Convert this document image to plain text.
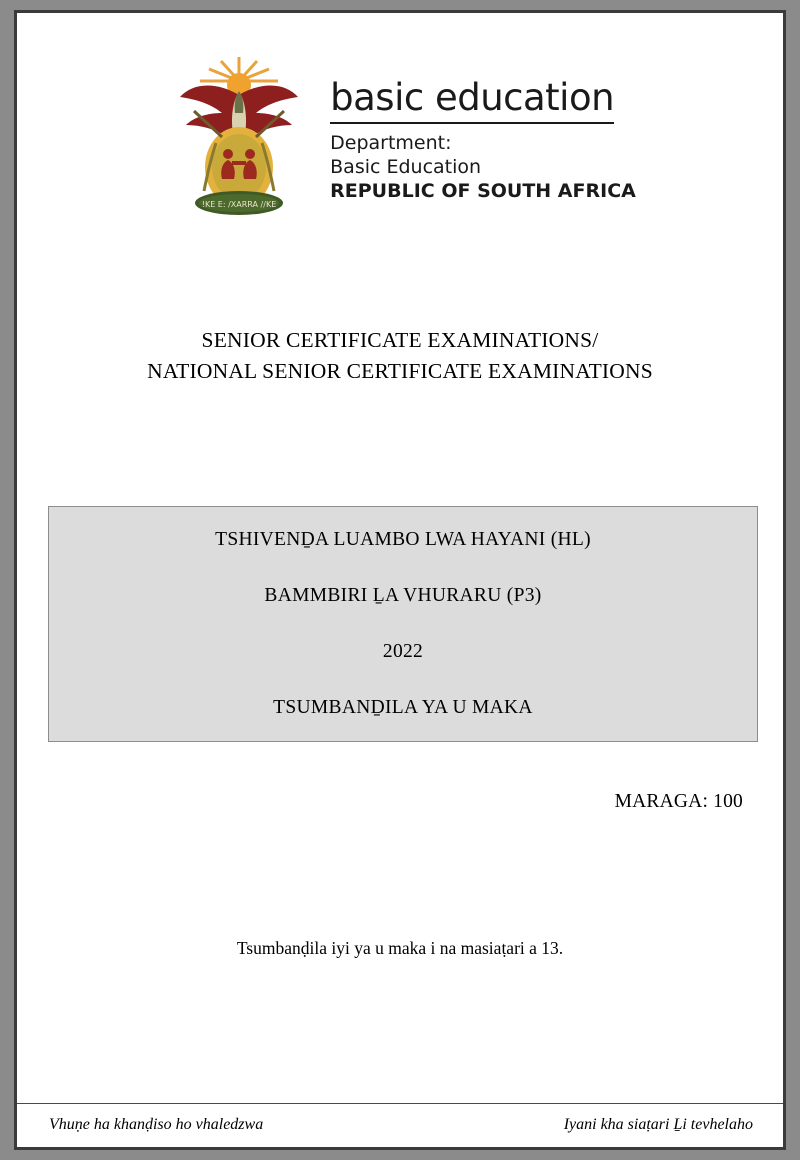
!KE E: /XARRA //KE
basic education
Department:
Basic Education
REPUBLIC OF SOUTH AFRICA
SENIOR CERTIFICATE EXAMINATIONS/
NATIONAL SENIOR CERTIFICATE EXAMINATIONS
TSHIVENḎA LUAMBO LWA HAYANI (HL)
BAMMBIRI ḺA VHURARU (P3)
2022
TSUMBANḎILA YA U MAKA
MARAGA: 100
Tsumbanḍila iyi ya u maka i na masiaṭari a 13.
Vhuṇe ha khanḍiso ho vhaledzwa	Iyani kha siaṭari Ḻi tevhelaho
